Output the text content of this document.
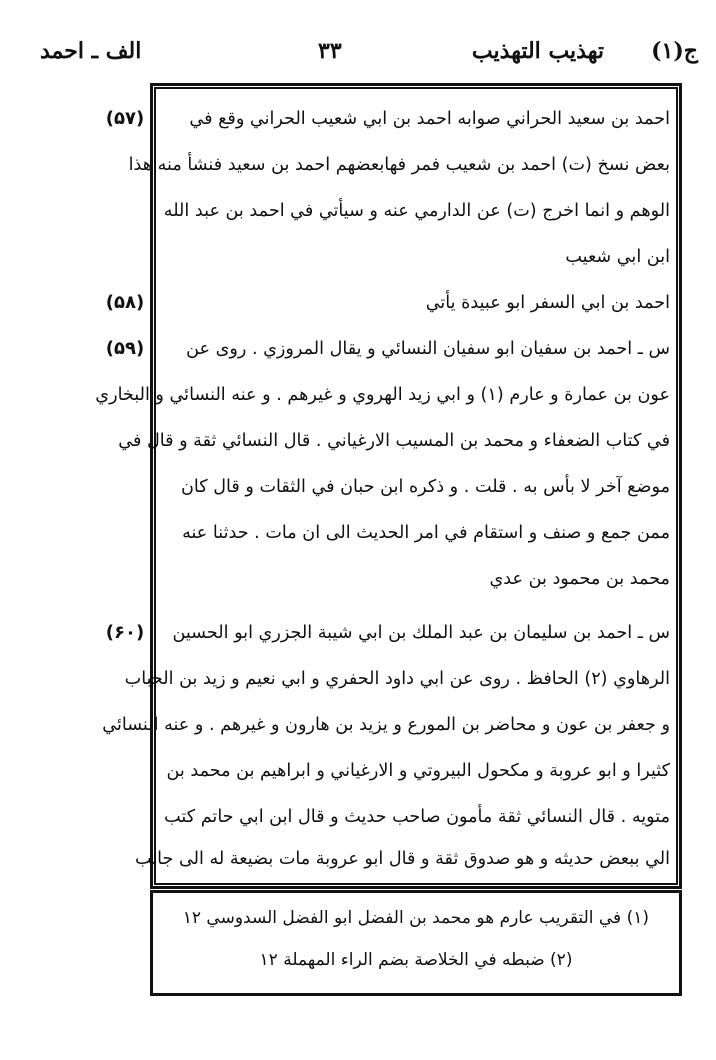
ج(۱)
تهذيب التهذيب
۳۳
الف ـ احمد
(۵۷)
(۵۸)
(۵۹)
(۶۰)
احمد بن سعيد الحراني صوابه احمد بن ابي شعيب الحراني وقع في
بعض نسخ (ت) احمد بن شعيب فمر فهابعضهم احمد بن سعيد فنشأ منه هذا
الوهم و انما اخرج (ت) عن الدارمي عنه و سيأتي في احمد بن عبد الله
ابن ابي شعيب
احمد بن ابي السفر ابو عبيدة يأتي
س ـ احمد بن سفيان ابو سفيان النسائي و يقال المروزي . روى عن
عون بن عمارة و عارم (۱) و ابي زيد الهروي و غيرهم . و عنه النسائي و البخاري
في كتاب الضعفاء و محمد بن المسيب الارغياني . قال النسائي ثقة و قال في
موضع آخر لا بأس به . قلت . و ذكره ابن حبان في الثقات و قال كان
ممن جمع و صنف و استقام في امر الحديث الى ان مات . حدثنا عنه
محمد بن محمود بن عدي
س ـ احمد بن سليمان بن عبد الملك بن ابي شيبة الجزري ابو الحسين
الرهاوي (۲) الحافظ . روى عن ابي داود الحفري و ابي نعيم و زيد بن الحباب
و جعفر بن عون و محاضر بن المورع و يزيد بن هارون و غيرهم . و عنه النسائي
كثيرا و ابو عروبة و مكحول البيروتي و الارغياني و ابراهيم بن محمد بن
متويه . قال النسائي ثقة مأمون صاحب حديث و قال ابن ابي حاتم كتب
الي ببعض حديثه و هو صدوق ثقة و قال ابو عروبة مات بضيعة له الى جانب
(۱) في التقريب عارم هو محمد بن الفضل ابو الفضل السدوسي ۱۲
(۲) ضبطه في الخلاصة بضم الراء المهملة ۱۲
